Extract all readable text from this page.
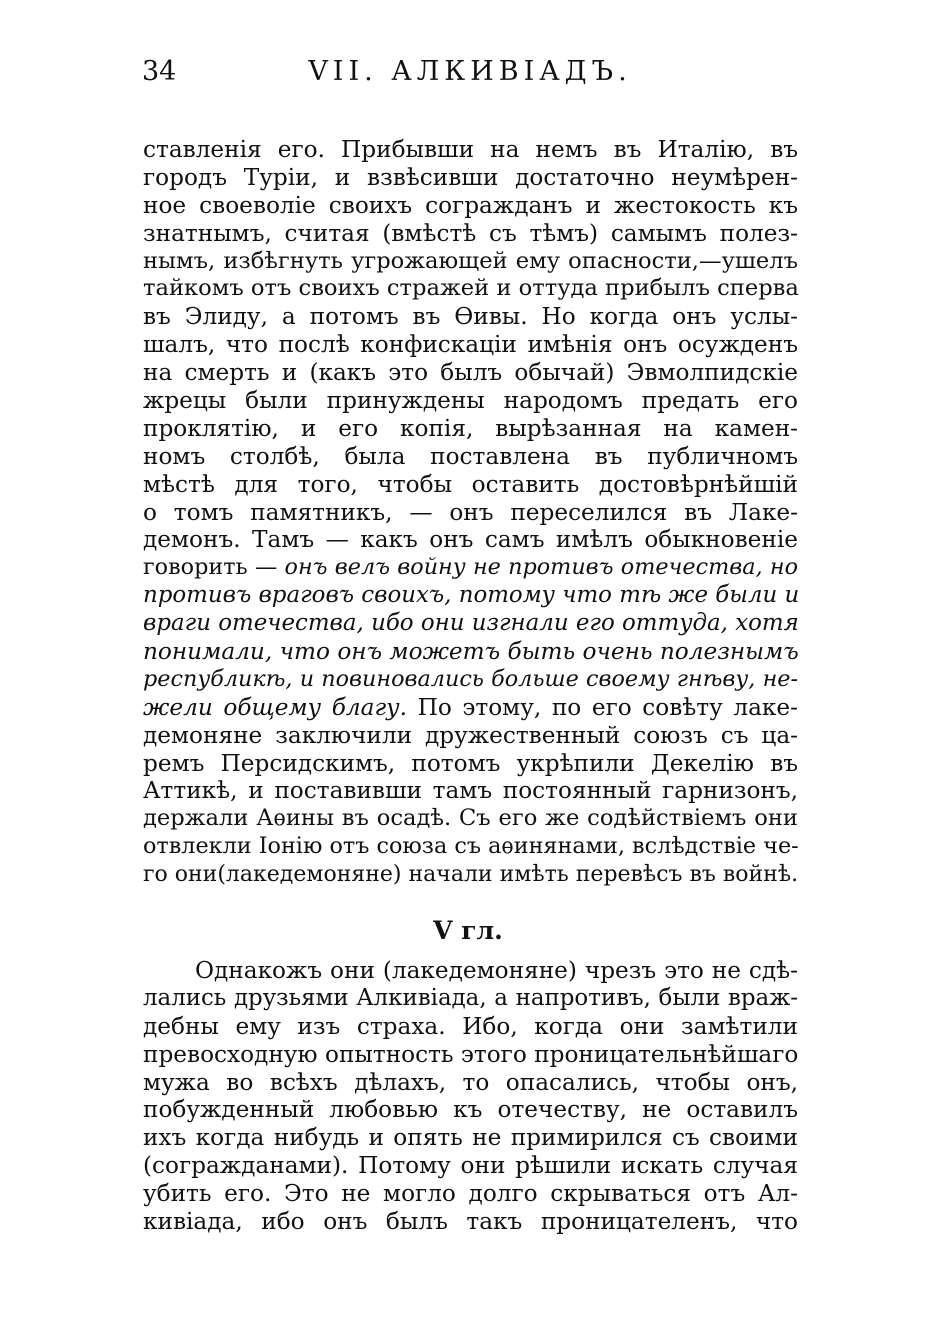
34	VII. АЛКИВІАДЪ.
ставленія его. Прибывши на немъ въ Италію, въ
городъ Туріи, и взвѣсивши достаточно неумѣрен-
ное своеволіе своихъ согражданъ и жестокость къ
знатнымъ, считая (вмѣстѣ съ тѣмъ) самымъ полез-
нымъ, избѣгнуть угрожающей ему опасности,—ушелъ
тайкомъ отъ своихъ стражей и оттуда прибылъ сперва
въ Элиду, а потомъ въ Ѳивы. Но когда онъ услы-
шалъ, что послѣ конфискаціи имѣнія онъ осужденъ
на смерть и (какъ это былъ обычай) Эвмолпидскіе
жрецы были принуждены народомъ предать его
проклятію, и его копія, вырѣзанная на камен-
номъ столбѣ, была поставлена въ публичномъ
мѣстѣ для того, чтобы оставить достовѣрнѣйшій
о томъ памятникъ, — онъ переселился въ Лаке-
демонъ. Тамъ — какъ онъ самъ имѣлъ обыкновеніе
говорить — онъ велъ войну не противъ отечества, но
противъ враговъ своихъ, потому что тѣ же были и
враги отечества, ибо они изгнали его оттуда, хотя
понимали, что онъ можетъ быть очень полезнымъ
республикѣ, и повиновались больше своему гнѣву, не-
жели общему благу. По этому, по его совѣту лаке-
демоняне заключили дружественный союзъ съ ца-
ремъ Персидскимъ, потомъ укрѣпили Декелію въ
Аттикѣ, и поставивши тамъ постоянный гарнизонъ,
держали Аѳины въ осадѣ. Съ его же содѣйствіемъ они
отвлекли Іонію отъ союза съ аѳинянами, вслѣдствіе че-
го они(лакедемоняне) начали имѣть перевѣсъ въ войнѣ.
V гл.
Однакожъ они (лакедемоняне) чрезъ это не сдѣ-
лались друзьями Алкивіада, а напротивъ, были враж-
дебны ему изъ страха. Ибо, когда они замѣтили
превосходную опытность этого проницательнѣйшаго
мужа во всѣхъ дѣлахъ, то опасались, чтобы онъ,
побужденный любовью къ отечеству, не оставилъ
ихъ когда нибудь и опять не примирился съ своими
(согражданами). Потому они рѣшили искать случая
убить его. Это не могло долго скрываться отъ Ал-
кивіада, ибо онъ былъ такъ проницателенъ, что
